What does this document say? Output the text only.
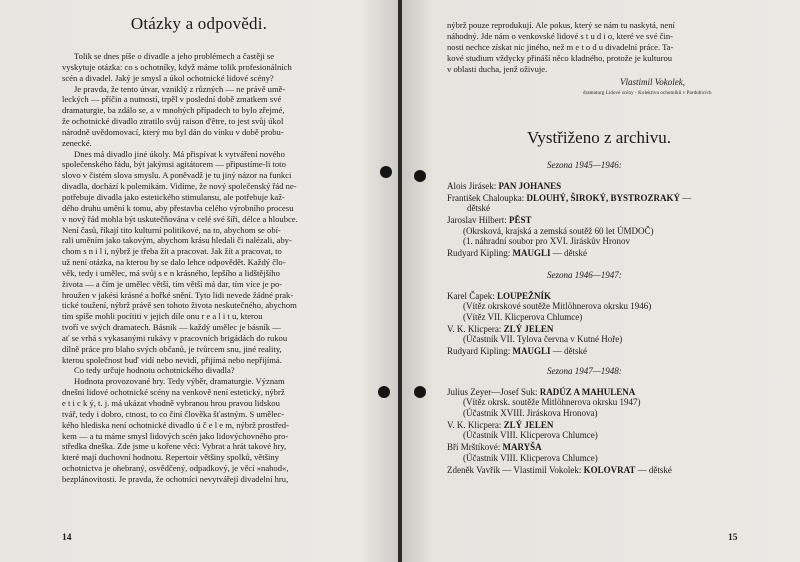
Otázky a odpovědi.

Tolik se dnes píše o divadle a jeho problémech a častěji se
vyskytuje otázka: co s ochotníky, když máme tolik profesionálních
scén a divadel. Jaký je smysl a úkol ochotnické lidové scény?

Je pravda, že tento útvar, vzniklý z různých — ne právě umě-
leckých — příčin a nutností, trpěl v poslední době zmatkem své
dramaturgie, ba zdálo se, a v mnohých případech to bylo zřejmé,
že ochotnické divadlo ztratilo svůj raison d'être, to jest svůj úkol
národně uvědomovací, který mu byl dán do vínku v době probu-
zenecké.

Dnes má divadlo jiné úkoly. Má přispívat k vytváření nového
společenského řádu, být jakýmsi agitátorem — připustíme-li toto
slovo v čistém slova smyslu. A poněvadž je tu jiný názor na funkci
divadla, dochází k polemikám. Vidíme, že nový společenský řád ne-
potřebuje divadla jako estetického stimulansu, ale potřebuje kaž-
dého druhu umění k tomu, aby přestavba celého výrobního procesu
v nový řád mohla být uskutečňována v celé své šíři, délce a hloubce.
Není časů, říkají tito kulturní politikové, na to, abychom se obí-
rali uměním jako takovým, abychom krásu hledali či nalézali, aby-
chom s n i l i, nýbrž je třeba žít a pracovat. Jak žít a pracovat, to
už není otázka, na kterou by se dalo lehce odpovědět. Každý člo-
věk, tedy i umělec, má svůj s e n krásného, lepšího a lidštějšího
života — a čím je umělec větší, tím větší má dar, tím více je po-
hroužen v jakési krásné a hořké snění. Tyto lidi nevede žádné prak-
tické toužení, nýbrž právě sen tohoto života neskutečného, abychom
tím spíše mohli pocítiti v jejich díle onu r e a l i t u, kterou
tvoří ve svých dramatech. Básník — každý umělec je básník —
ať se vrhá s vykasanými rukávy v pracovních brigádách do rukou
dílně práce pro blaho svých občanů, je tvůrcem snu, jiné reality,
kterou společnost buď vidí nebo nevidí, přijímá nebo nepřijímá.

Co tedy určuje hodnotu ochotnického divadla?

Hodnota provozované hry. Tedy výběr, dramaturgie. Význam
dnešní lidové ochotnické scény na venkově není estetický, nýbrž
e t i c k ý, t. j. má ukázat vhodně vybranou hrou pravou lidskou
tvář, tedy i dobro, ctnost, to co činí člověka šťastným. S umělec-
kého hlediska není ochotnické divadlo ú č e l e m, nýbrž prostřed-
kem — a tu máme smysl lidových scén jako lidovýchovného pro-
středka dneška. Zde jsme u kořene věci: Vybrat a hrát takové hry,
které mají duchovní hodnotu. Repertoir většiny spolků, většiny
ochotnictva je ohebraný, osvědčený, odpadkový, je věcí »nahod«,
bezplánovitosti. Je pravda, že ochotníci nevytvářejí divadelní hru,

14	15
nýbrž pouze reprodukují. Ale pokus, který se nám tu naskytá, není
náhodný. Jde nám o venkovské lidové s t u d i o, které ve své čin-
nosti nechce získat nic jiného, než m e t o d u divadelní práce. Ta-
kové studium vždycky přináší něco kladného, protože je kulturou
v oblasti ducha, jenž oživuje.
Vlastimil Vokolek,
dramaturg Lidové scény - Kolektivu ochotníků v Pardubicích
Vystřiženo z archivu.
Sezona 1945—1946:
Alois Jirásek: PAN JOHANES
František Chaloupka: DLOUHÝ, ŠIROKÝ, BYSTROZRAKÝ —
dětské
Jaroslav Hilbert: PĚST
(Okrsková, krajská a zemská soutěž 60 let ÚMDOČ)
(1. náhradní soubor pro XVI. Jiráskův Hronov
Rudyard Kipling: MAUGLI — dětské
Sezona 1946—1947:
Karel Čapek: LOUPEŽNÍK
(Vítěz okrskové soutěže Mitlöhnerova okrsku 1946)
(Vítěz VII. Klicperova Chlumce)
V. K. Klicpera: ZLÝ JELEN
(Účastník VII. Tylova června v Kutné Hoře)
Rudyard Kipling: MAUGLI — dětské
Sezona 1947—1948:
Julius Zeyer—Josef Suk: RADÚZ A MAHULENA
(Vítěz okrsk. soutěže Mitlöhnerova okrsku 1947)
(Účastník XVIII. Jiráskova Hronova)
V. K. Klicpera: ZLÝ JELEN
(Účastník VIII. Klicperova Chlumce)
Bří Mrštíkové: MARYŠA
(Účastník VIII. Klicperova Chlumce)
Zdeněk Vavřík — Vlastimil Vokolek: KOLOVRAT — dětské
